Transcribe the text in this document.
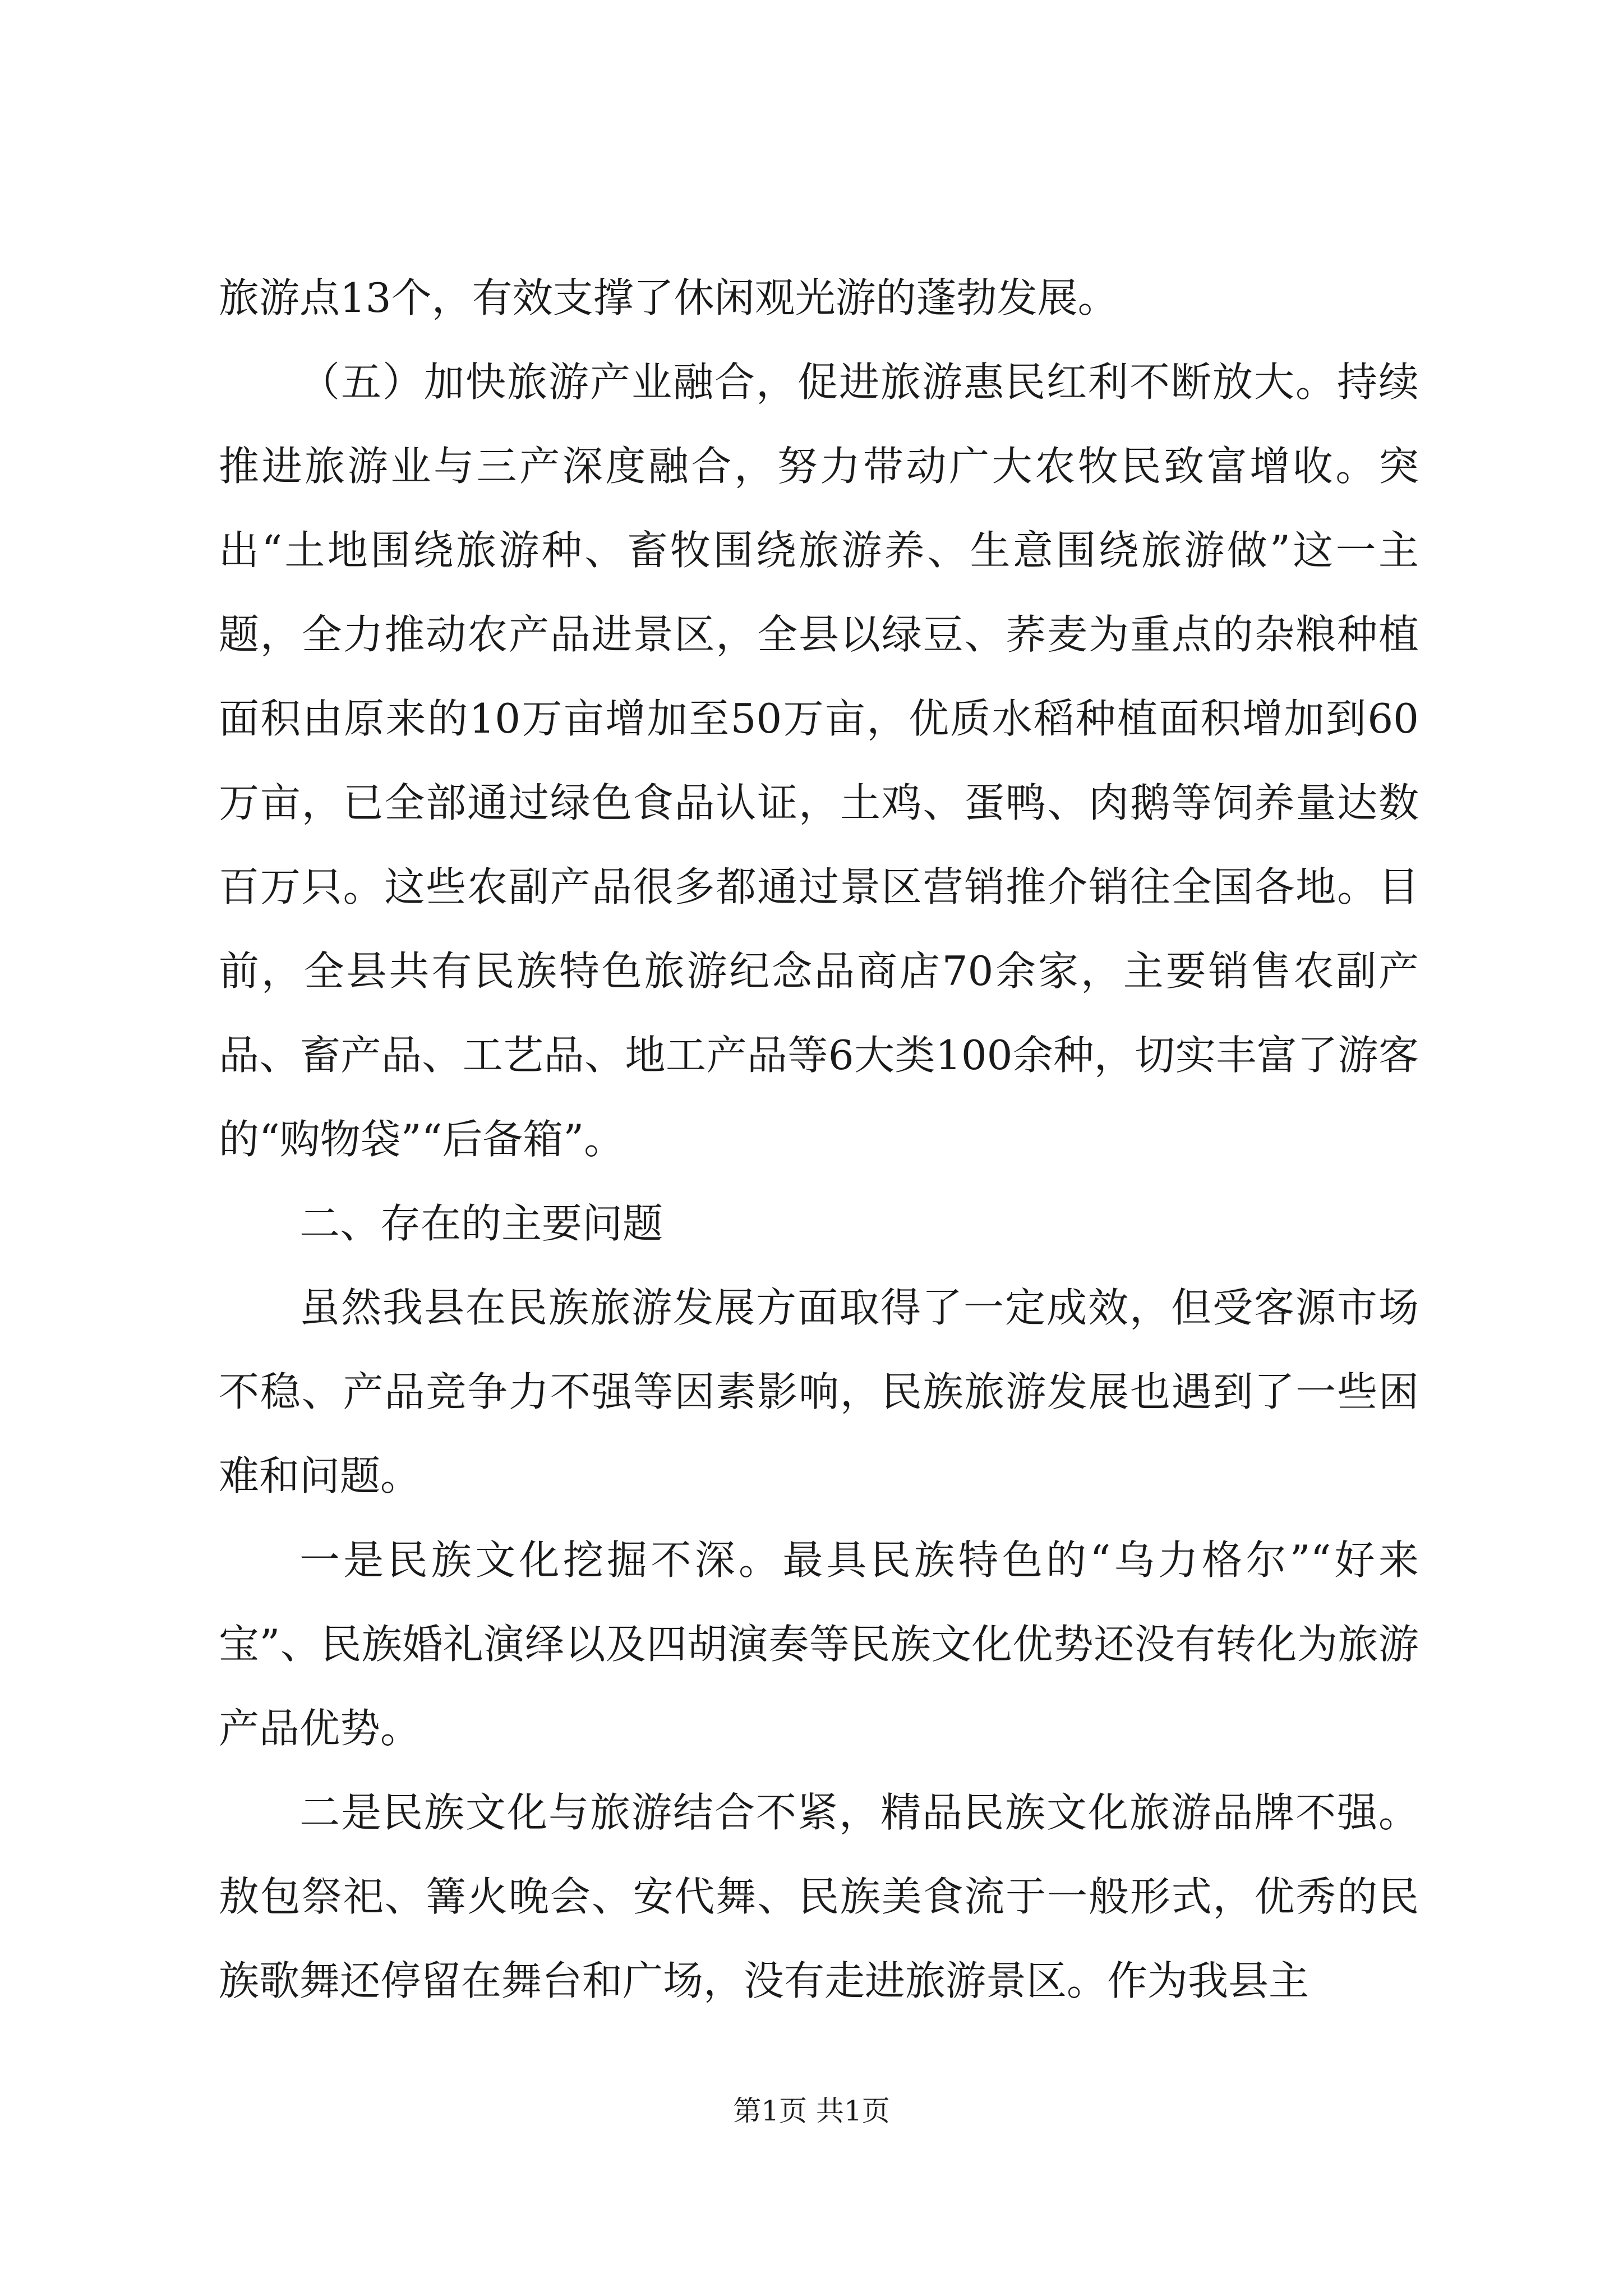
旅游点13个，有效支撑了休闲观光游的蓬勃发展。

（五）加快旅游产业融合，促进旅游惠民红利不断放大。持续推进旅游业与三产深度融合，努力带动广大农牧民致富增收。突出“土地围绕旅游种、畜牧围绕旅游养、生意围绕旅游做”这一主题，全力推动农产品进景区，全县以绿豆、荞麦为重点的杂粮种植面积由原来的10万亩增加至50万亩，优质水稻种植面积增加到60万亩，已全部通过绿色食品认证，土鸡、蛋鸭、肉鹅等饲养量达数百万只。这些农副产品很多都通过景区营销推介销往全国各地。目前，全县共有民族特色旅游纪念品商店70余家，主要销售农副产品、畜产品、工艺品、地工产品等6大类100余种，切实丰富了游客的“购物袋”“后备箱”。

二、存在的主要问题

虽然我县在民族旅游发展方面取得了一定成效，但受客源市场不稳、产品竞争力不强等因素影响，民族旅游发展也遇到了一些困难和问题。

一是民族文化挖掘不深。最具民族特色的“乌力格尔”“好来宝”、民族婚礼演绎以及四胡演奏等民族文化优势还没有转化为旅游产品优势。

二是民族文化与旅游结合不紧，精品民族文化旅游品牌不强。敖包祭祀、篝火晚会、安代舞、民族美食流于一般形式，优秀的民族歌舞还停留在舞台和广场，没有走进旅游景区。作为我县主

第1页 共1页
